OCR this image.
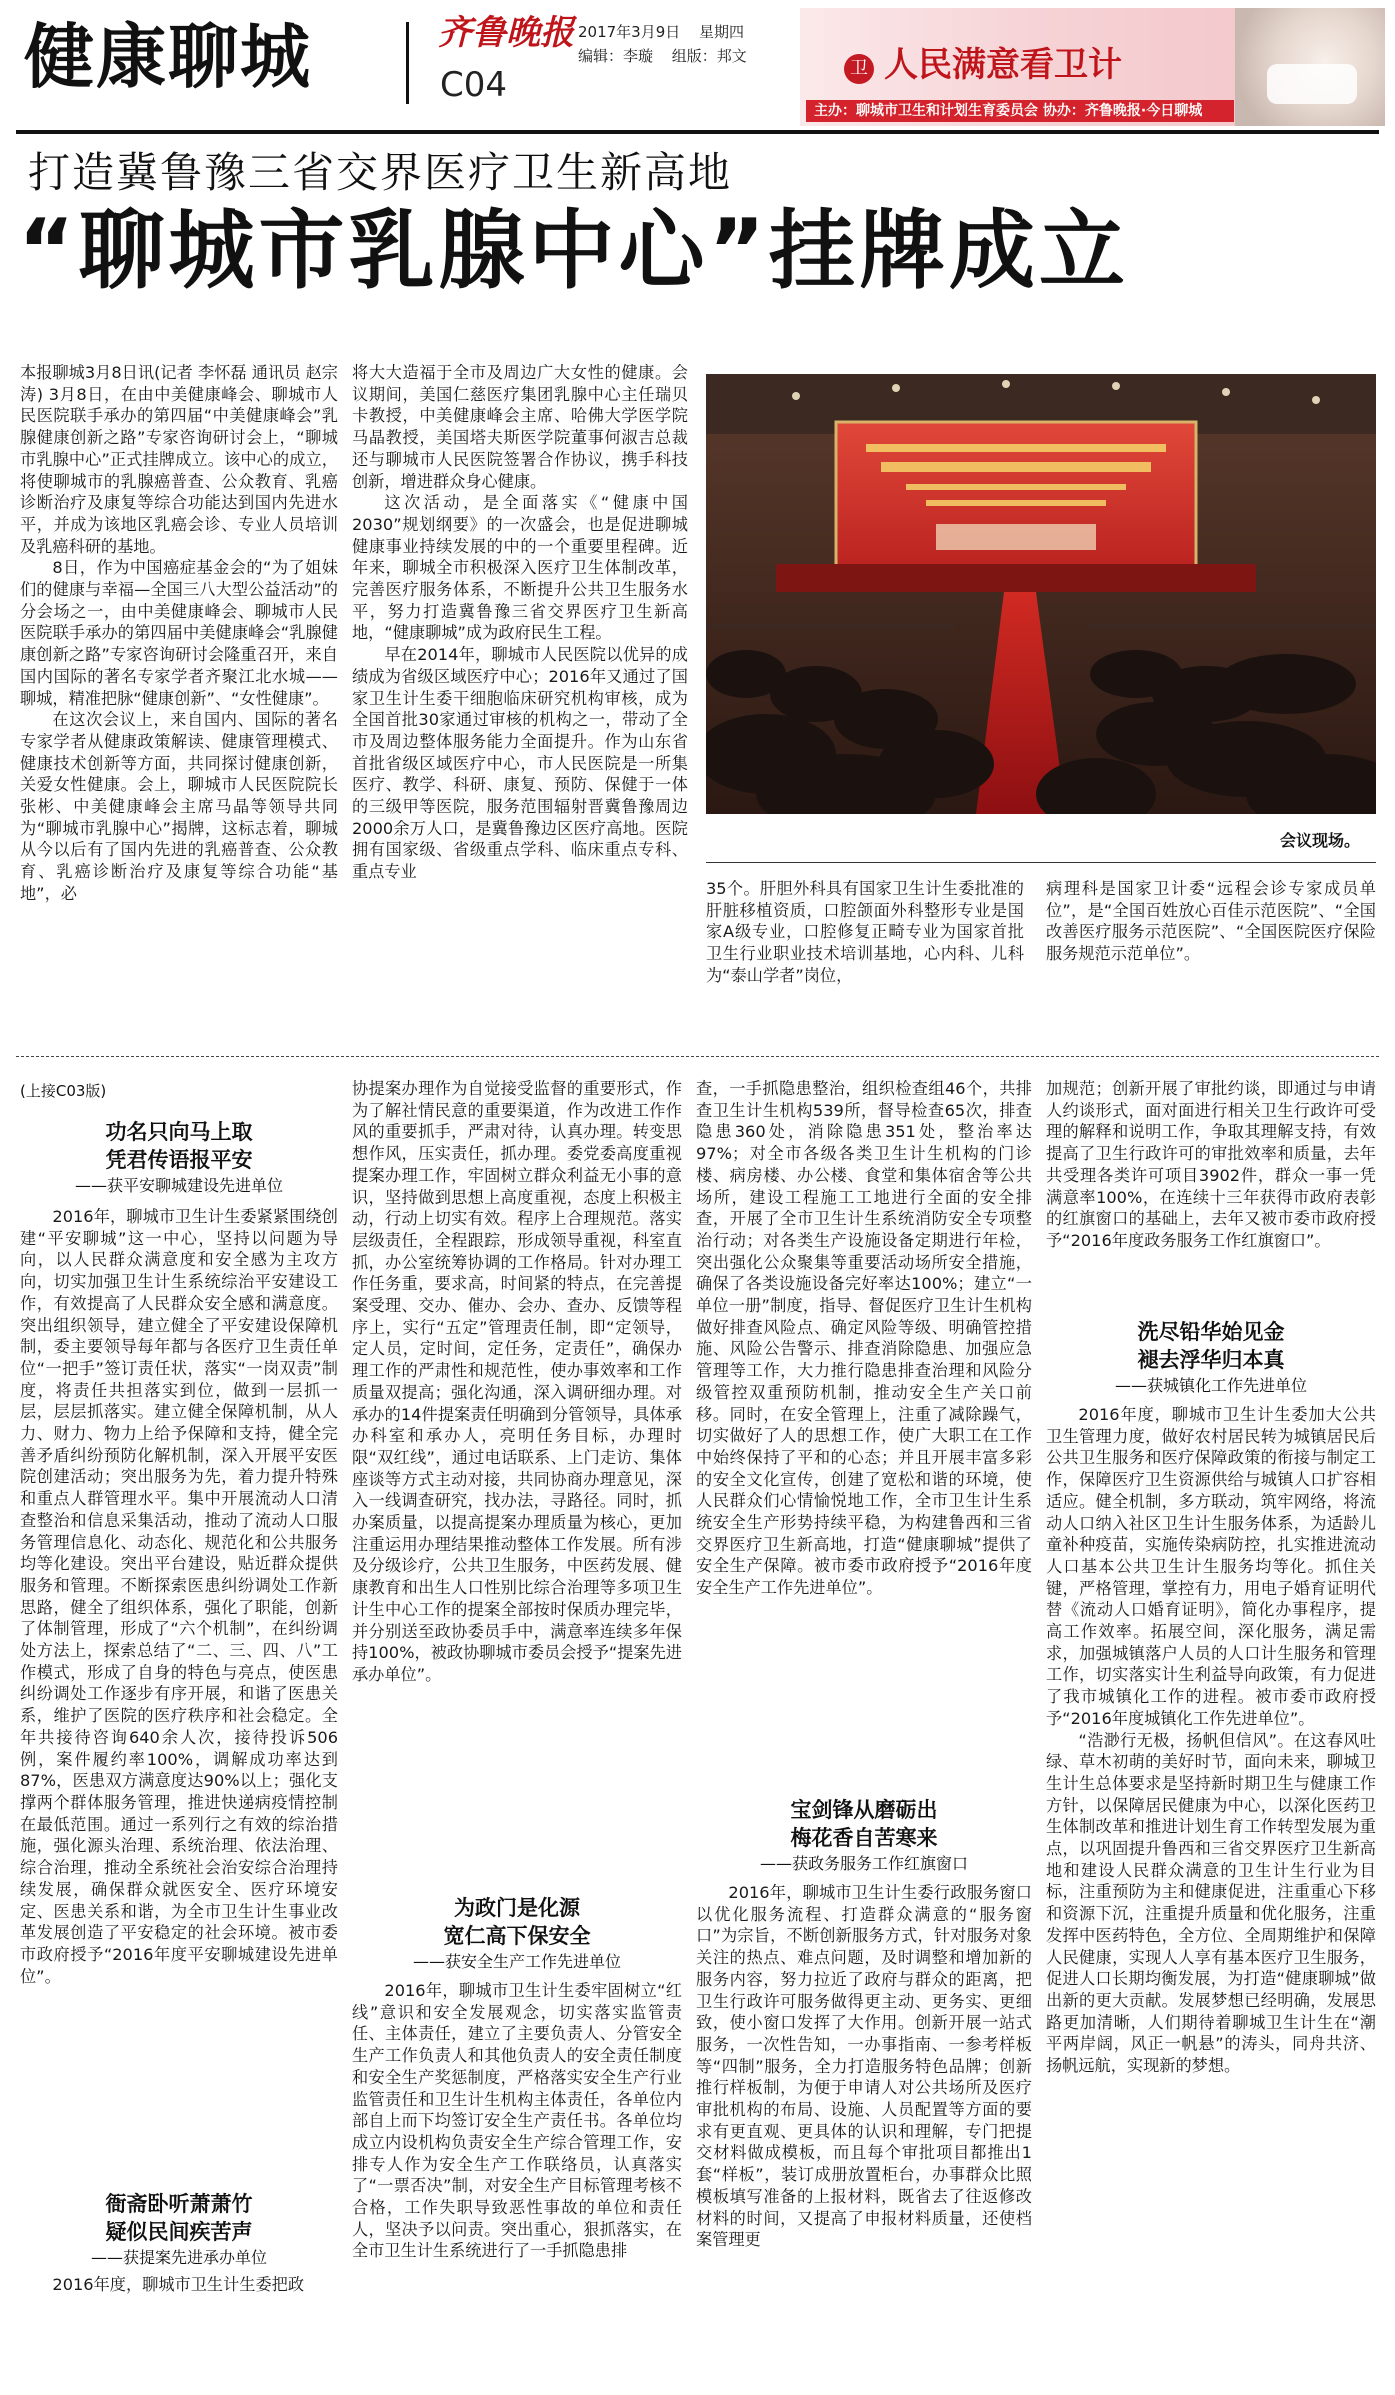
健康聊城	齐鲁晚报 2017年3月9日 星期四
编辑：李璇 组版：邦文
C04	卫 人民满意看卫计
主办：聊城市卫生和计划生育委员会 协办：齐鲁晚报·今日聊城
打造冀鲁豫三省交界医疗卫生新高地
“聊城市乳腺中心”挂牌成立

本报聊城3月8日讯(记者 李怀磊 通讯员 赵宗涛) 3月8日，在由中美健康峰会、聊城市人民医院联手承办的第四届“中美健康峰会”乳腺健康创新之路”专家咨询研讨会上，“聊城市乳腺中心”正式挂牌成立。该中心的成立，将使聊城市的乳腺癌普查、公众教育、乳癌诊断治疗及康复等综合功能达到国内先进水平，并成为该地区乳癌会诊、专业人员培训及乳癌科研的基地。

8日，作为中国癌症基金会的“为了姐妹们的健康与幸福—全国三八大型公益活动”的分会场之一，由中美健康峰会、聊城市人民医院联手承办的第四届中美健康峰会“乳腺健康创新之路”专家咨询研讨会隆重召开，来自国内国际的著名专家学者齐聚江北水城——聊城，精准把脉“健康创新”、“女性健康”。

在这次会议上，来自国内、国际的著名专家学者从健康政策解读、健康管理模式、健康技术创新等方面，共同探讨健康创新，关爱女性健康。会上，聊城市人民医院院长张彬、中美健康峰会主席马晶等领导共同为“聊城市乳腺中心”揭牌，这标志着，聊城从今以后有了国内先进的乳癌普查、公众教育、乳癌诊断治疗及康复等综合功能“基地”，必

将大大造福于全市及周边广大女性的健康。会议期间，美国仁慈医疗集团乳腺中心主任瑞贝卡教授，中美健康峰会主席、哈佛大学医学院马晶教授，美国塔夫斯医学院董事何淑吉总裁还与聊城市人民医院签署合作协议，携手科技创新，增进群众身心健康。

这次活动，是全面落实《“健康中国2030”规划纲要》的一次盛会，也是促进聊城健康事业持续发展的中的一个重要里程碑。近年来，聊城全市积极深入医疗卫生体制改革，完善医疗服务体系，不断提升公共卫生服务水平，努力打造冀鲁豫三省交界医疗卫生新高地，“健康聊城”成为政府民生工程。

早在2014年，聊城市人民医院以优异的成绩成为省级区域医疗中心；2016年又通过了国家卫生计生委干细胞临床研究机构审核，成为全国首批30家通过审核的机构之一，带动了全市及周边整体服务能力全面提升。作为山东省首批省级区域医疗中心，市人民医院是一所集医疗、教学、科研、康复、预防、保健于一体的三级甲等医院，服务范围辐射晋冀鲁豫周边2000余万人口，是冀鲁豫边区医疗高地。医院拥有国家级、省级重点学科、临床重点专科、重点专业

会议现场。

35个。肝胆外科具有国家卫生计生委批准的肝脏移植资质，口腔颌面外科整形专业是国家A级专业，口腔修复正畸专业为国家首批卫生行业职业技术培训基地，心内科、儿科为“泰山学者”岗位，

病理科是国家卫计委“远程会诊专家成员单位”，是“全国百姓放心百佳示范医院”、“全国改善医疗服务示范医院”、“全国医院医疗保险服务规范示范单位”。

(上接C03版)
功名只向马上取
凭君传语报平安
——获平安聊城建设先进单位

2016年，聊城市卫生计生委紧紧围绕创建“平安聊城”这一中心，坚持以问题为导向，以人民群众满意度和安全感为主攻方向，切实加强卫生计生系统综治平安建设工作，有效提高了人民群众安全感和满意度。突出组织领导，建立健全了平安建设保障机制，委主要领导每年都与各医疗卫生责任单位“一把手”签订责任状，落实“一岗双责”制度，将责任共担落实到位，做到一层抓一层，层层抓落实。建立健全保障机制，从人力、财力、物力上给予保障和支持，健全完善矛盾纠纷预防化解机制，深入开展平安医院创建活动；突出服务为先，着力提升特殊和重点人群管理水平。集中开展流动人口清查整治和信息采集活动，推动了流动人口服务管理信息化、动态化、规范化和公共服务均等化建设。突出平台建设，贴近群众提供服务和管理。不断探索医患纠纷调处工作新思路，健全了组织体系，强化了职能，创新了体制管理，形成了“六个机制”，在纠纷调处方法上，探索总结了“二、三、四、八”工作模式，形成了自身的特色与亮点，使医患纠纷调处工作逐步有序开展，和谐了医患关系，维护了医院的医疗秩序和社会稳定。全年共接待咨询640余人次，接待投诉506例，案件履约率100%，调解成功率达到87%，医患双方满意度达90%以上；强化支撑两个群体服务管理，推进快递病疫情控制在最低范围。通过一系列行之有效的综治措施，强化源头治理、系统治理、依法治理、综合治理，推动全系统社会治安综合治理持续发展，确保群众就医安全、医疗环境安定、医患关系和谐，为全市卫生计生事业改革发展创造了平安稳定的社会环境。被市委市政府授予“2016年度平安聊城建设先进单位”。

衙斋卧听萧萧竹
疑似民间疾苦声
——获提案先进承办单位

2016年度，聊城市卫生计生委把政

协提案办理作为自觉接受监督的重要形式，作为了解社情民意的重要渠道，作为改进工作作风的重要抓手，严肃对待，认真办理。转变思想作风，压实责任，抓办理。委党委高度重视提案办理工作，牢固树立群众利益无小事的意识，坚持做到思想上高度重视，态度上积极主动，行动上切实有效。程序上合理规范。落实层级责任，全程跟踪，形成领导重视，科室直抓，办公室统筹协调的工作格局。针对办理工作任务重，要求高，时间紧的特点，在完善提案受理、交办、催办、会办、查办、反馈等程序上，实行“五定”管理责任制，即“定领导，定人员，定时间，定任务，定责任”，确保办理工作的严肃性和规范性，使办事效率和工作质量双提高；强化沟通，深入调研细办理。对承办的14件提案责任明确到分管领导，具体承办科室和承办人，亮明任务目标，办理时限“双红线”，通过电话联系、上门走访、集体座谈等方式主动对接，共同协商办理意见，深入一线调查研究，找办法，寻路径。同时，抓办案质量，以提高提案办理质量为核心，更加注重运用办理结果推动整体工作发展。所有涉及分级诊疗，公共卫生服务，中医药发展、健康教育和出生人口性别比综合治理等多项卫生计生中心工作的提案全部按时保质办理完毕，并分别送至政协委员手中，满意率连续多年保持100%，被政协聊城市委员会授予“提案先进承办单位”。

为政门是化源
宽仁高下保安全
——获安全生产工作先进单位

2016年，聊城市卫生计生委牢固树立“红线”意识和安全发展观念，切实落实监管责任、主体责任，建立了主要负责人、分管安全生产工作负责人和其他负责人的安全责任制度和安全生产奖惩制度，严格落实安全生产行业监管责任和卫生计生机构主体责任，各单位内部自上而下均签订安全生产责任书。各单位均成立内设机构负责安全生产综合管理工作，安排专人作为安全生产工作联络员，认真落实了“一票否决”制，对安全生产目标管理考核不合格，工作失职导致恶性事故的单位和责任人，坚决予以问责。突出重心，狠抓落实，在全市卫生计生系统进行了一手抓隐患排

查，一手抓隐患整治，组织检查组46个，共排查卫生计生机构539所，督导检查65次，排查隐患360处，消除隐患351处，整治率达97%；对全市各级各类卫生计生机构的门诊楼、病房楼、办公楼、食堂和集体宿舍等公共场所，建设工程施工工地进行全面的安全排查，开展了全市卫生计生系统消防安全专项整治行动；对各类生产设施设备定期进行年检，突出强化公众聚集等重要活动场所安全措施，确保了各类设施设备完好率达100%；建立“一单位一册”制度，指导、督促医疗卫生计生机构做好排查风险点、确定风险等级、明确管控措施、风险公告警示、排查消除隐患、加强应急管理等工作，大力推行隐患排查治理和风险分级管控双重预防机制，推动安全生产关口前移。同时，在安全管理上，注重了减除躁气，切实做好了人的思想工作，使广大职工在工作中始终保持了平和的心态；并且开展丰富多彩的安全文化宣传，创建了宽松和谐的环境，使人民群众们心情愉悦地工作，全市卫生计生系统安全生产形势持续平稳，为构建鲁西和三省交界医疗卫生新高地，打造“健康聊城”提供了安全生产保障。被市委市政府授予“2016年度安全生产工作先进单位”。

宝剑锋从磨砺出
梅花香自苦寒来
——获政务服务工作红旗窗口

2016年，聊城市卫生计生委行政服务窗口以优化服务流程、打造群众满意的“服务窗口”为宗旨，不断创新服务方式，针对服务对象关注的热点、难点问题，及时调整和增加新的服务内容，努力拉近了政府与群众的距离，把卫生行政许可服务做得更主动、更务实、更细致，使小窗口发挥了大作用。创新开展一站式服务，一次性告知，一办事指南、一参考样板等“四制”服务，全力打造服务特色品牌；创新推行样板制，为便于申请人对公共场所及医疗审批机构的布局、设施、人员配置等方面的要求有更直观、更具体的认识和理解，专门把提交材料做成模板，而且每个审批项目都推出1套“样板”，装订成册放置柜台，办事群众比照模板填写准备的上报材料，既省去了往返修改材料的时间，又提高了申报材料质量，还使档案管理更

加规范；创新开展了审批约谈，即通过与申请人约谈形式，面对面进行相关卫生行政许可受理的解释和说明工作，争取其理解支持，有效提高了卫生行政许可的审批效率和质量，去年共受理各类许可项目3902件，群众一事一凭满意率100%，在连续十三年获得市政府表彰的红旗窗口的基础上，去年又被市委市政府授予“2016年度政务服务工作红旗窗口”。

洗尽铅华始见金
褪去浮华归本真
——获城镇化工作先进单位

2016年度，聊城市卫生计生委加大公共卫生管理力度，做好农村居民转为城镇居民后公共卫生服务和医疗保障政策的衔接与制定工作，保障医疗卫生资源供给与城镇人口扩容相适应。健全机制，多方联动，筑牢网络，将流动人口纳入社区卫生计生服务体系，为适龄儿童补种疫苗，实施传染病防控，扎实推进流动人口基本公共卫生计生服务均等化。抓住关键，严格管理，掌控有力，用电子婚育证明代替《流动人口婚育证明》，简化办事程序，提高工作效率。拓展空间，深化服务，满足需求，加强城镇落户人员的人口计生服务和管理工作，切实落实计生利益导向政策，有力促进了我市城镇化工作的进程。被市委市政府授予“2016年度城镇化工作先进单位”。

“浩渺行无极，扬帆但信风”。在这春风吐绿、草木初萌的美好时节，面向未来，聊城卫生计生总体要求是坚持新时期卫生与健康工作方针，以保障居民健康为中心，以深化医药卫生体制改革和推进计划生育工作转型发展为重点，以巩固提升鲁西和三省交界医疗卫生新高地和建设人民群众满意的卫生计生行业为目标，注重预防为主和健康促进，注重重心下移和资源下沉，注重提升质量和优化服务，注重发挥中医药特色，全方位、全周期维护和保障人民健康，实现人人享有基本医疗卫生服务，促进人口长期均衡发展，为打造“健康聊城”做出新的更大贡献。发展梦想已经明确，发展思路更加清晰，人们期待着聊城卫生计生在“潮平两岸阔，风正一帆悬”的涛头，同舟共济、扬帆远航，实现新的梦想。
